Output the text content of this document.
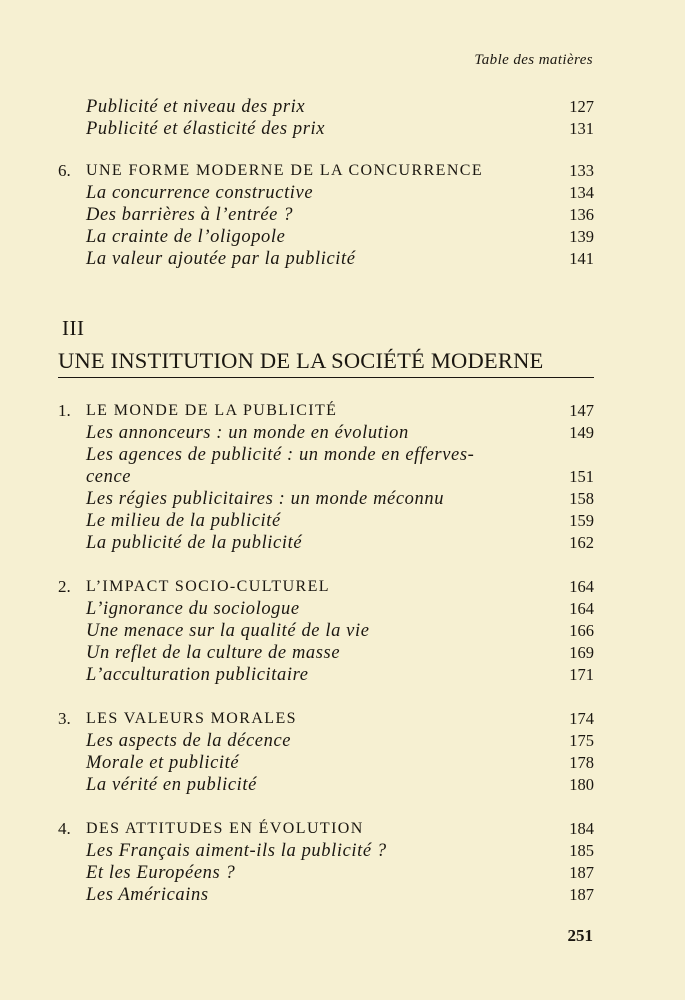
Table des matières
Publicité et niveau des prix	127
Publicité et élasticité des prix	131
6. UNE FORME MODERNE DE LA CONCURRENCE	133
La concurrence constructive	134
Des barrières à l’entrée ?	136
La crainte de l’oligopole	139
La valeur ajoutée par la publicité	141
III
UNE INSTITUTION DE LA SOCIÉTÉ MODERNE
1. LE MONDE DE LA PUBLICITÉ	147
Les annonceurs : un monde en évolution	149
Les agences de publicité : un monde en efferves-
cence	151
Les régies publicitaires : un monde méconnu	158
Le milieu de la publicité	159
La publicité de la publicité	162
2. L’IMPACT SOCIO-CULTUREL	164
L’ignorance du sociologue	164
Une menace sur la qualité de la vie	166
Un reflet de la culture de masse	169
L’acculturation publicitaire	171
3. LES VALEURS MORALES	174
Les aspects de la décence	175
Morale et publicité	178
La vérité en publicité	180
4. DES ATTITUDES EN ÉVOLUTION	184
Les Français aiment-ils la publicité ?	185
Et les Européens ?	187
Les Américains	187
251
